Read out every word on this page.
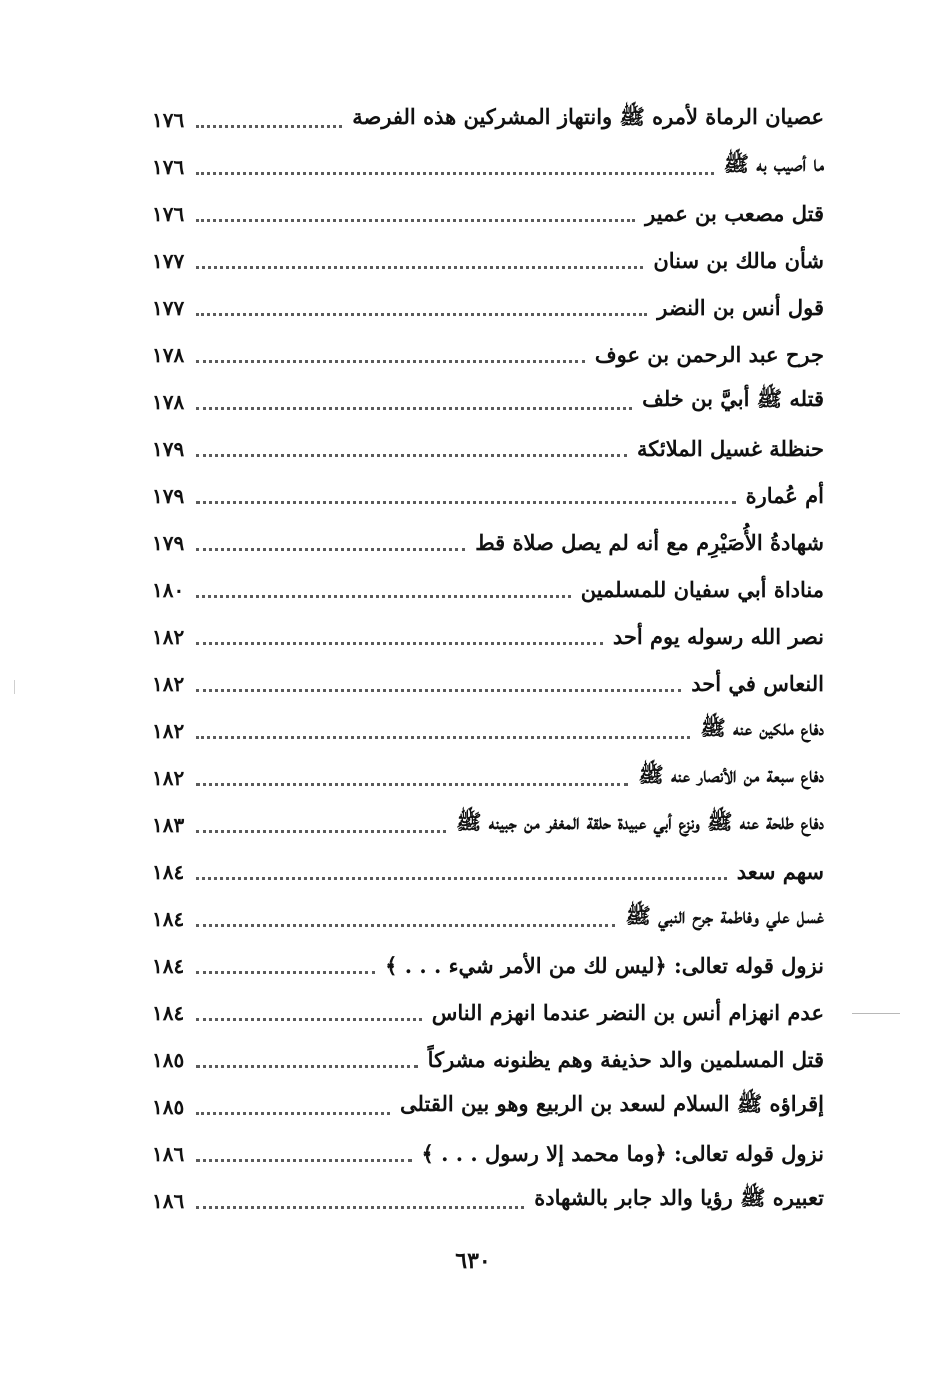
عصيان الرماة لأمره ﷺ وانتهاز المشركين هذه الفرصة
١٧٦
ما أصيب به ﷺ
١٧٦
قتل مصعب بن عمير
١٧٦
شأن مالك بن سنان
١٧٧
قول أنس بن النضر
١٧٧
جرح عبد الرحمن بن عوف
١٧٨
قتله ﷺ أبيَّ بن خلف
١٧٨
حنظلة غسيل الملائكة
١٧٩
أم عُمارة
١٧٩
شهادةُ الأُصَيْرِم مع أنه لم يصل صلاة قط
١٧٩
مناداة أبي سفيان للمسلمين
١٨٠
نصر الله رسوله يوم أحد
١٨٢
النعاس في أحد
١٨٢
دفاع ملكين عنه ﷺ
١٨٢
دفاع سبعة من الأنصار عنه ﷺ
١٨٢
دفاع طلحة عنه ﷺ ونزع أبي عبيدة حلقة المغفر من جبينه ﷺ
١٨٣
سهم سعد
١٨٤
غسل علي وفاطمة جرح النبي ﷺ
١٨٤
نزول قوله تعالى: ﴿ليس لك من الأمر شيء . . . ﴾
١٨٤
عدم انهزام أنس بن النضر عندما انهزم الناس
١٨٤
قتل المسلمين والد حذيفة وهم يظنونه مشركاً
١٨٥
إقراؤه ﷺ السلام لسعد بن الربيع وهو بين القتلى
١٨٥
نزول قوله تعالى: ﴿وما محمد إلا رسول . . . ﴾
١٨٦
تعبيره ﷺ رؤيا والد جابر بالشهادة
١٨٦
٦٣٠
